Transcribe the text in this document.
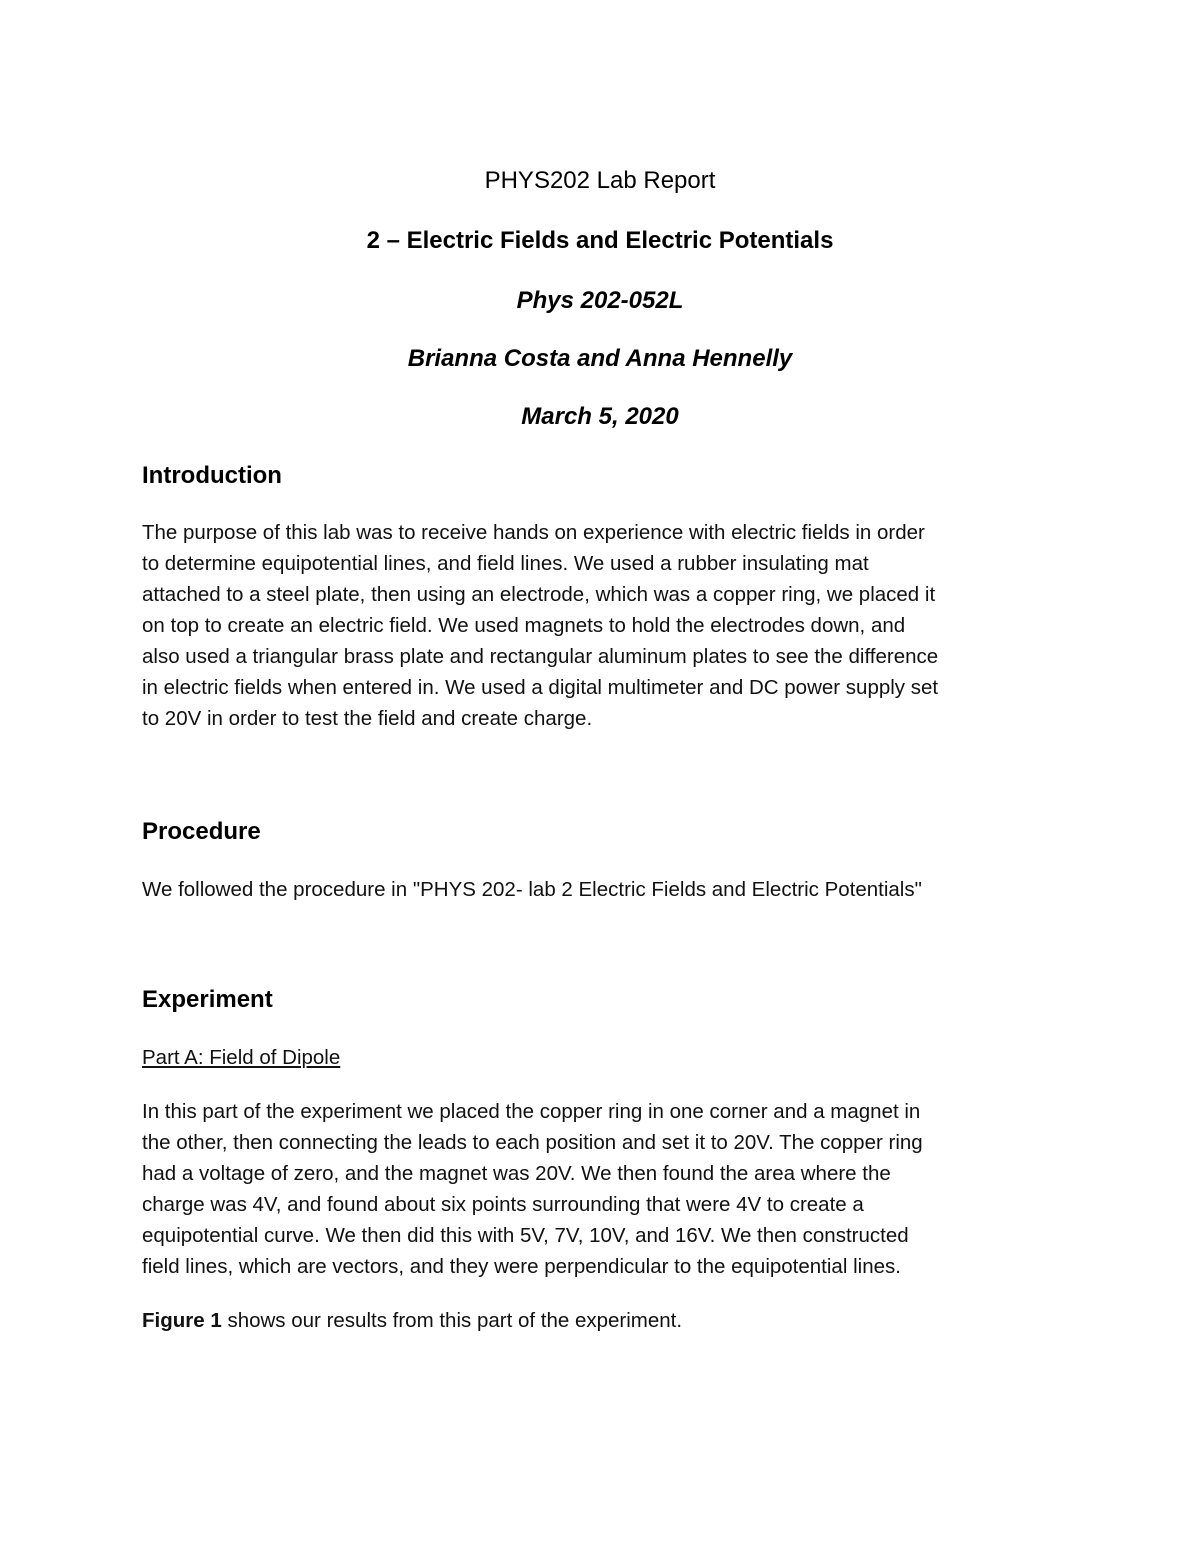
PHYS202 Lab Report
2 – Electric Fields and Electric Potentials
Phys 202-052L
Brianna Costa and Anna Hennelly
March 5, 2020
Introduction
The purpose of this lab was to receive hands on experience with electric fields in order
to determine equipotential lines, and field lines. We used a rubber insulating mat
attached to a steel plate, then using an electrode, which was a copper ring, we placed it
on top to create an electric field. We used magnets to hold the electrodes down, and
also used a triangular brass plate and rectangular aluminum plates to see the difference
in electric fields when entered in. We used a digital multimeter and DC power supply set
to 20V in order to test the field and create charge.
Procedure
We followed the procedure in "PHYS 202- lab 2 Electric Fields and Electric Potentials"
Experiment
Part A: Field of Dipole
In this part of the experiment we placed the copper ring in one corner and a magnet in
the other, then connecting the leads to each position and set it to 20V. The copper ring
had a voltage of zero, and the magnet was 20V. We then found the area where the
charge was 4V, and found about six points surrounding that were 4V to create a
equipotential curve. We then did this with 5V, 7V, 10V, and 16V. We then constructed
field lines, which are vectors, and they were perpendicular to the equipotential lines.
Figure 1 shows our results from this part of the experiment.
